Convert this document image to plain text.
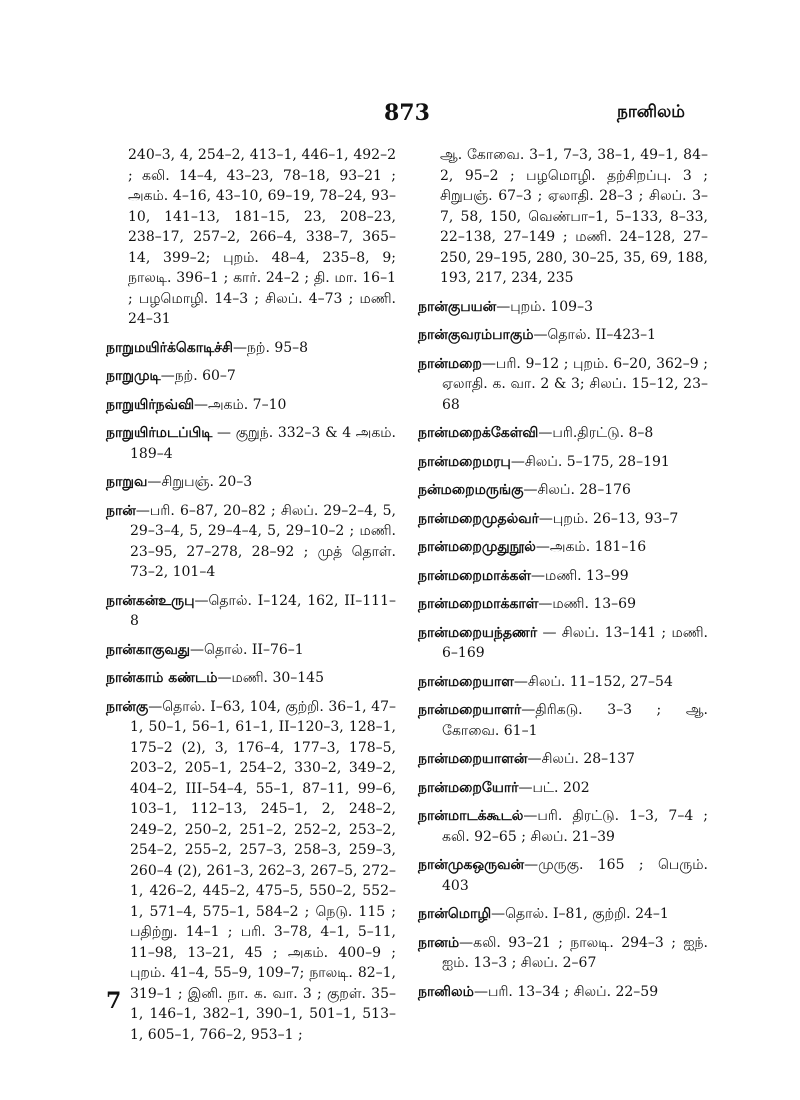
873	நானிலம்
240–3, 4, 254–2, 413–1, 446–1, 492–2 ; கலி. 14–4, 43–23, 78–18, 93–21 ; அகம். 4–16, 43–10, 69–19, 78–24, 93–10, 141–13, 181–15, 23, 208–23, 238–17, 257–2, 266–4, 338–7, 365–14, 399–2; புறம். 48–4, 235–8, 9; நாலடி. 396–1 ; கார். 24–2 ; தி. மா. 16–1 ; பழமொழி. 14–3 ; சிலப். 4–73 ; மணி. 24–31
நாறுமயிர்க்கொடிச்சி—நற். 95–8
நாறுமுடி—நற். 60–7
நாறுயிர்நவ்வி—அகம். 7–10
நாறுயிர்மடப்பிடி — குறுந். 332–3 & 4 அகம். 189–4
நாறுவ—சிறுபஞ். 20–3
நான்—பரி. 6–87, 20–82 ; சிலப். 29–2–4, 5, 29–3–4, 5, 29–4–4, 5, 29–10–2 ; மணி. 23–95, 27–278, 28–92 ; முத் தொள். 73–2, 101–4
நான்கன்உருபு—தொல். I–124, 162, II–111–8
நான்காகுவது—தொல். II–76–1
நான்காம் கண்டம்—மணி. 30–145
நான்கு—தொல். I–63, 104, குற்றி. 36–1, 47–1, 50–1, 56–1, 61–1, II–120–3, 128–1, 175–2 (2), 3, 176–4, 177–3, 178–5, 203–2, 205–1, 254–2, 330–2, 349–2, 404–2, III–54–4, 55–1, 87–11, 99–6, 103–1, 112–13, 245–1, 2, 248–2, 249–2, 250–2, 251–2, 252–2, 253–2, 254–2, 255–2, 257–3, 258–3, 259–3, 260–4 (2), 261–3, 262–3, 267–5, 272–1, 426–2, 445–2, 475–5, 550–2, 552–1, 571–4, 575–1, 584–2 ; நெடு. 115 ; பதிற்று. 14–1 ; பரி. 3–78, 4–1, 5–11, 11–98, 13–21, 45 ; அகம். 400–9 ; புறம். 41–4, 55–9, 109–7; நாலடி. 82–1, 319–1 ; இனி. நா. க. வா. 3 ; குறள். 35–1, 146–1, 382–1, 390–1, 501–1, 513–1, 605–1, 766–2, 953–1 ;
ஆ. கோவை. 3–1, 7–3, 38–1, 49–1, 84–2, 95–2 ; பழமொழி. தற்சிறப்பு. 3 ; சிறுபஞ். 67–3 ; ஏலாதி. 28–3 ; சிலப். 3–7, 58, 150, வெண்பா–1, 5–133, 8–33, 22–138, 27–149 ; மணி. 24–128, 27–250, 29–195, 280, 30–25, 35, 69, 188, 193, 217, 234, 235
நான்குபயன்—புறம். 109–3
நான்குவரம்பாகும்—தொல். II–423–1
நான்மறை—பரி. 9–12 ; புறம். 6–20, 362–9 ; ஏலாதி. க. வா. 2 & 3; சிலப். 15–12, 23–68
நான்மறைக்கேள்வி—பரி.திரட்டு. 8–8
நான்மறைமரபு—சிலப். 5–175, 28–191
நன்மறைமருங்கு—சிலப். 28–176
நான்மறைமுதல்வர்—புறம். 26–13, 93–7
நான்மறைமுதுநூல்—அகம். 181–16
நான்மறைமாக்கள்—மணி. 13–99
நான்மறைமாக்காள்—மணி. 13–69
நான்மறையந்தணர் — சிலப். 13–141 ; மணி. 6–169
நான்மறையாள—சிலப். 11–152, 27–54
நான்மறையாளர்—திரிகடு. 3–3 ; ஆ. கோவை. 61–1
நான்மறையாளன்—சிலப். 28–137
நான்மறையோர்—பட். 202
நான்மாடக்கூடல்—பரி. திரட்டு. 1–3, 7–4 ; கலி. 92–65 ; சிலப். 21–39
நான்முகஒருவன்—முருகு. 165 ; பெரும். 403
நான்மொழி—தொல். I–81, குற்றி. 24–1
நானம்—கலி. 93–21 ; நாலடி. 294–3 ; ஐந். ஐம். 13–3 ; சிலப். 2–67
நானிலம்—பரி. 13–34 ; சிலப். 22–59
7
